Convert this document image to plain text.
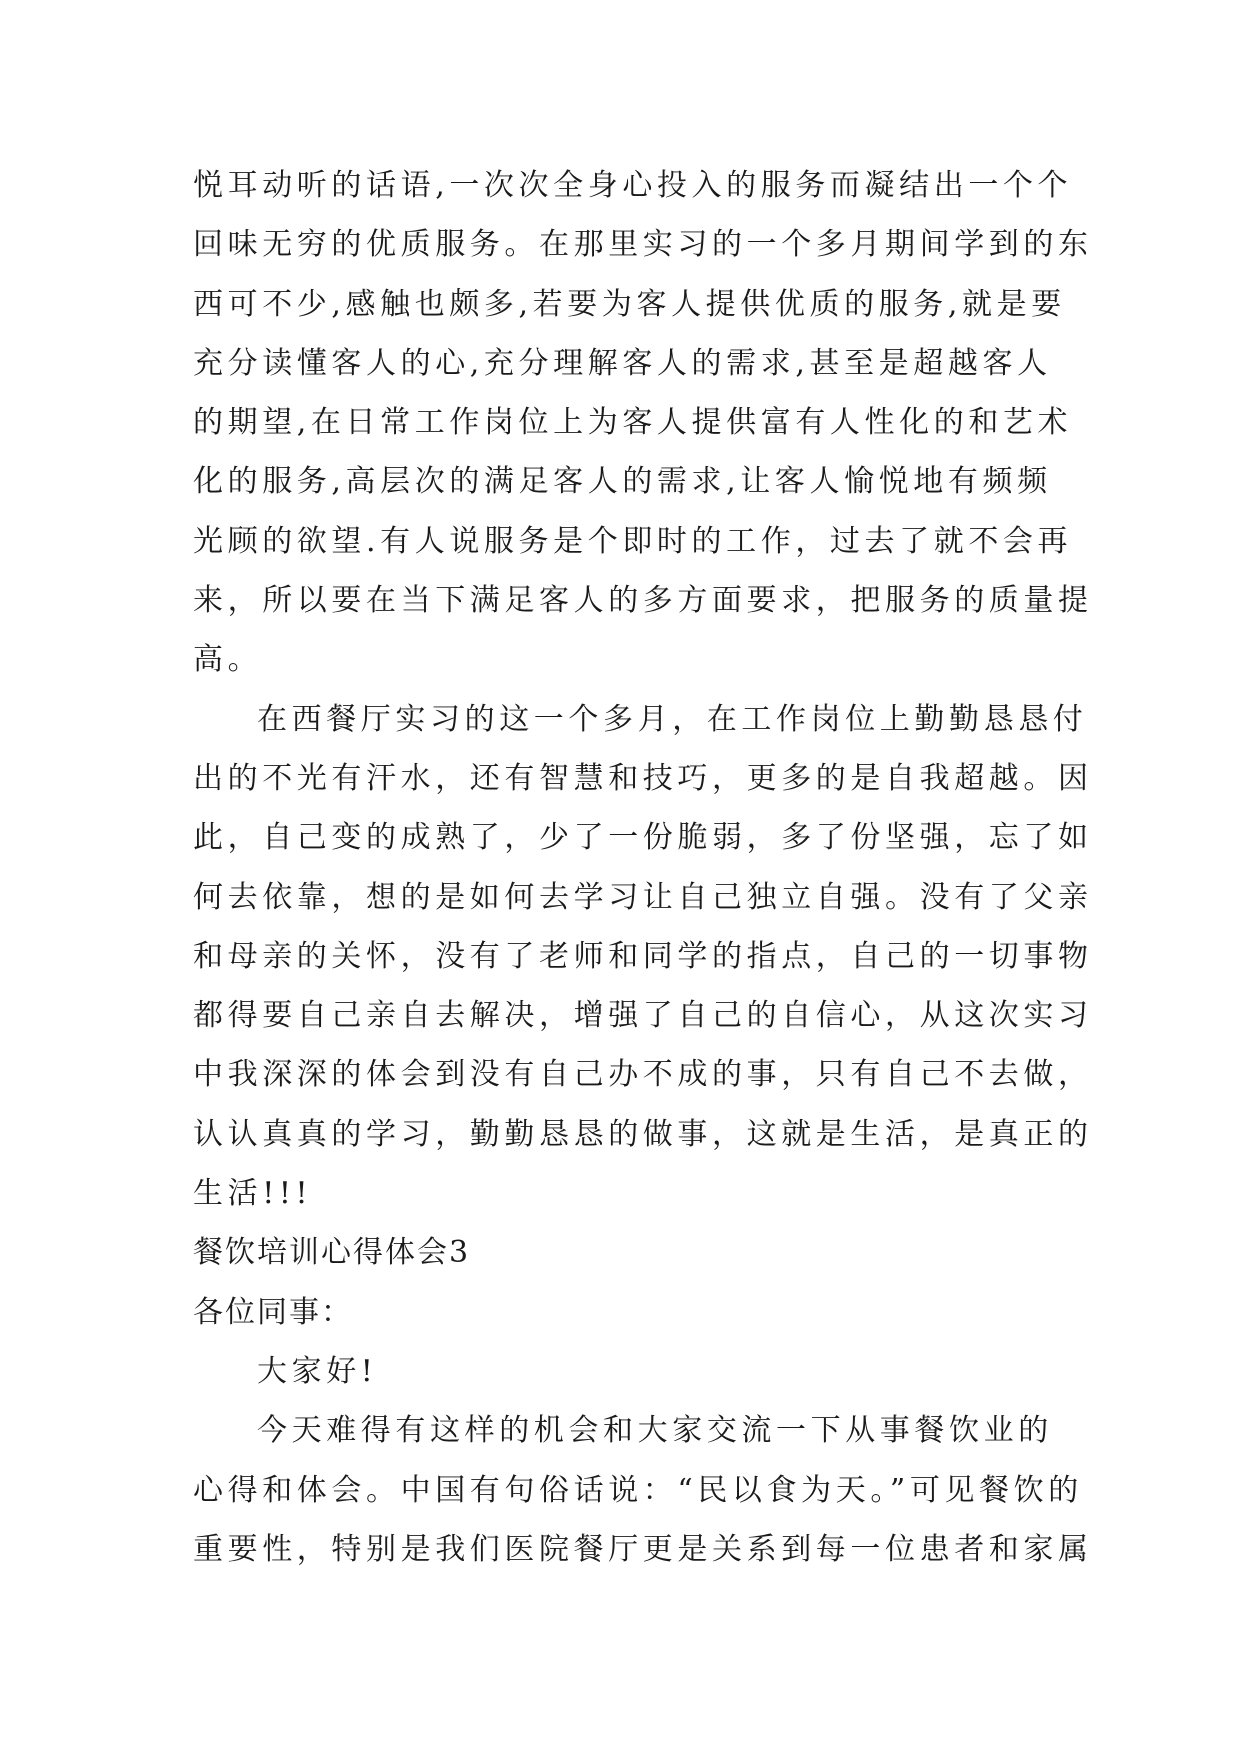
悦耳动听的话语,一次次全身心投入的服务而凝结出一个个
回味无穷的优质服务。在那里实习的一个多月期间学到的东
西可不少,感触也颇多,若要为客人提供优质的服务,就是要
充分读懂客人的心,充分理解客人的需求,甚至是超越客人
的期望,在日常工作岗位上为客人提供富有人性化的和艺术
化的服务,高层次的满足客人的需求,让客人愉悦地有频频
光顾的欲望.有人说服务是个即时的工作，过去了就不会再
来，所以要在当下满足客人的多方面要求，把服务的质量提
高。
在西餐厅实习的这一个多月，在工作岗位上勤勤恳恳付
出的不光有汗水，还有智慧和技巧，更多的是自我超越。因
此，自己变的成熟了，少了一份脆弱，多了份坚强，忘了如
何去依靠，想的是如何去学习让自己独立自强。没有了父亲
和母亲的关怀，没有了老师和同学的指点，自己的一切事物
都得要自己亲自去解决，增强了自己的自信心，从这次实习
中我深深的体会到没有自己办不成的事，只有自己不去做，
认认真真的学习，勤勤恳恳的做事，这就是生活，是真正的
生活!!!
餐饮培训心得体会3
各位同事：
大家好!
今天难得有这样的机会和大家交流一下从事餐饮业的
心得和体会。中国有句俗话说：“民以食为天。”可见餐饮的
重要性，特别是我们医院餐厅更是关系到每一位患者和家属
